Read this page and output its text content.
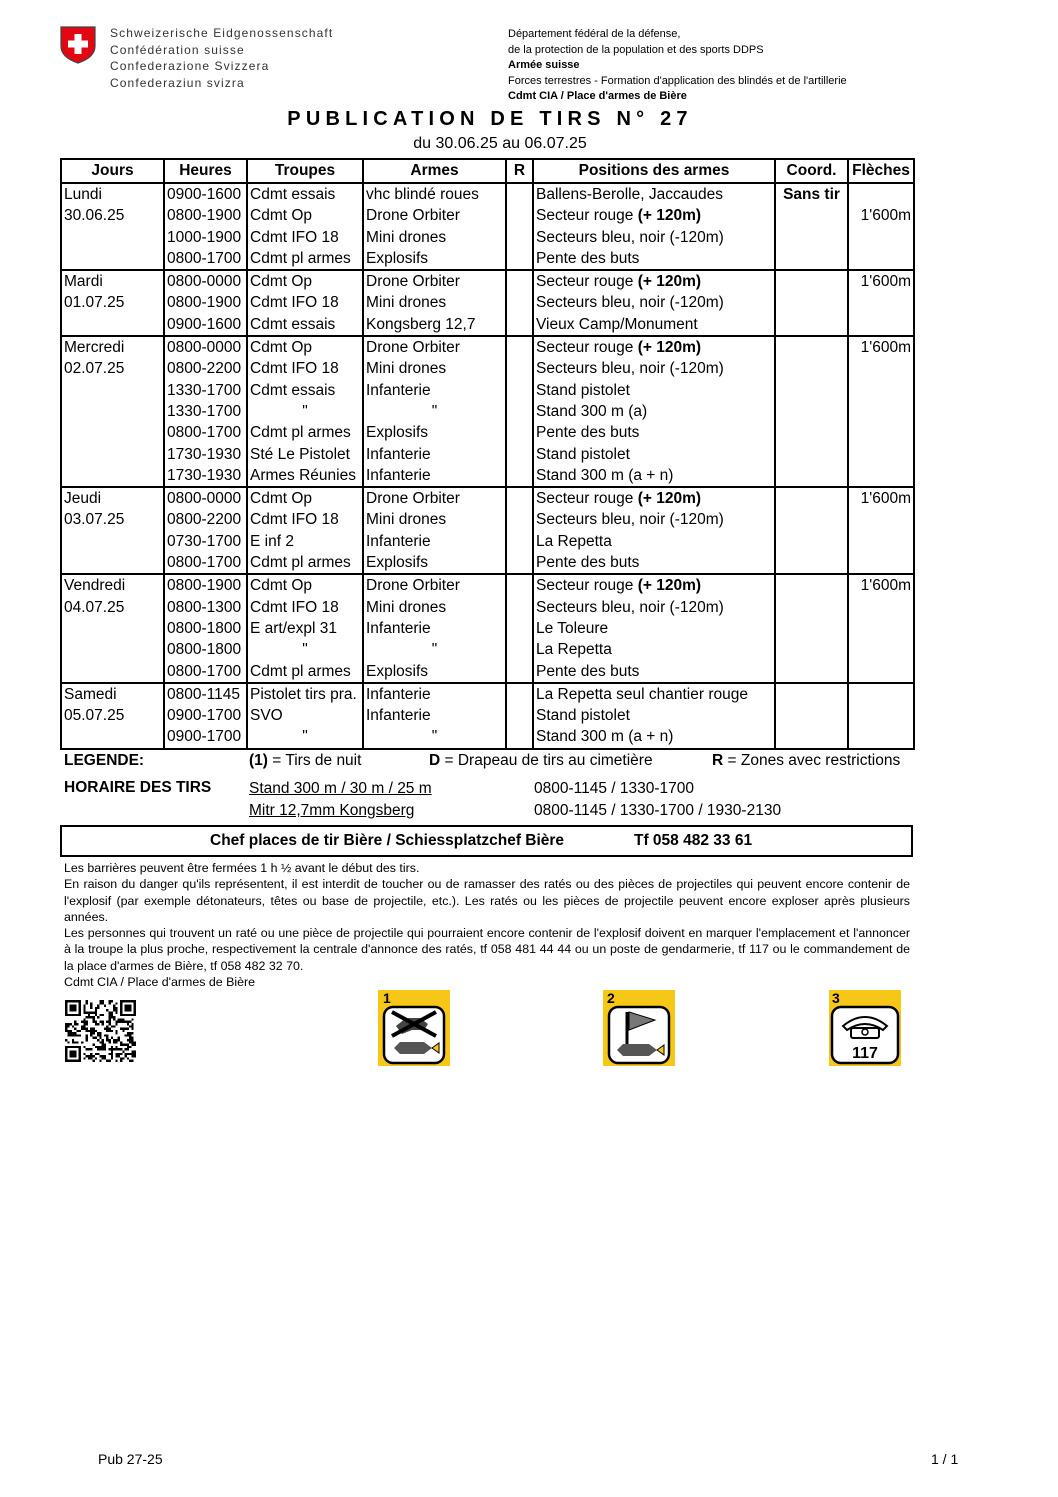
Schweizerische Eidgenossenschaft
Confédération suisse
Confederazione Svizzera
Confederaziun svizra
Département fédéral de la défense,
de la protection de la population et des sports DDPS
Armée suisse
Forces terrestres - Formation d'application des blindés et de l'artillerie
Cdmt CIA / Place d'armes de Bière
PUBLICATION DE TIRS N° 27
du 30.06.25 au 06.07.25
Jours	Heures	Troupes	Armes	R	Positions des armes	Coord.	Flèches
Lundi	0900-1600	Cdmt essais	vhc blindé roues		Ballens-Berolle, Jaccaudes	Sans tir	
30.06.25	0800-1900	Cdmt Op	Drone Orbiter		Secteur rouge (+ 120m)		1'600m
	1000-1900	Cdmt IFO 18	Mini drones		Secteurs bleu, noir (-120m)		
	0800-1700	Cdmt pl armes	Explosifs		Pente des buts		
Mardi	0800-0000	Cdmt Op	Drone Orbiter		Secteur rouge (+ 120m)		1'600m
01.07.25	0800-1900	Cdmt IFO 18	Mini drones		Secteurs bleu, noir (-120m)		
	0900-1600	Cdmt essais	Kongsberg 12,7		Vieux Camp/Monument		
Mercredi	0800-0000	Cdmt Op	Drone Orbiter		Secteur rouge (+ 120m)		1'600m
02.07.25	0800-2200	Cdmt IFO 18	Mini drones		Secteurs bleu, noir (-120m)		
	1330-1700	Cdmt essais	Infanterie		Stand pistolet		
	1330-1700	"	"		Stand 300 m (a)		
	0800-1700	Cdmt pl armes	Explosifs		Pente des buts		
	1730-1930	Sté Le Pistolet	Infanterie		Stand pistolet		
	1730-1930	Armes Réunies	Infanterie		Stand 300 m (a + n)		
Jeudi	0800-0000	Cdmt Op	Drone Orbiter		Secteur rouge (+ 120m)		1'600m
03.07.25	0800-2200	Cdmt IFO 18	Mini drones		Secteurs bleu, noir (-120m)		
	0730-1700	E inf 2	Infanterie		La Repetta		
	0800-1700	Cdmt pl armes	Explosifs		Pente des buts		
Vendredi	0800-1900	Cdmt Op	Drone Orbiter		Secteur rouge (+ 120m)		1'600m
04.07.25	0800-1300	Cdmt IFO 18	Mini drones		Secteurs bleu, noir (-120m)		
	0800-1800	E art/expl 31	Infanterie		Le Toleure		
	0800-1800	"	"		La Repetta		
	0800-1700	Cdmt pl armes	Explosifs		Pente des buts		
Samedi	0800-1145	Pistolet tirs pra.	Infanterie		La Repetta seul chantier rouge		
05.07.25	0900-1700	SVO	Infanterie		Stand pistolet		
	0900-1700	"	"		Stand 300 m (a + n)		
LEGENDE:	(1) = Tirs de nuit	D = Drapeau de tirs au cimetière	R = Zones avec restrictions
HORAIRE DES TIRS Stand 300 m / 30 m / 25 m	0800-1145 / 1330-1700
Mitr 12,7mm Kongsberg	0800-1145 / 1330-1700 / 1930-2130
Chef places de tir Bière / Schiessplatzchef Bière	Tf 058 482 33 61

Les barrières peuvent être fermées 1 h ½ avant le début des tirs.

En raison du danger qu'ils représentent, il est interdit de toucher ou de ramasser des ratés ou des pièces de projectiles qui peuvent encore contenir de l'explosif (par exemple détonateurs, têtes ou base de projectile, etc.). Les ratés ou les pièces de projectile peuvent encore exploser après plusieurs années.

Les personnes qui trouvent un raté ou une pièce de projectile qui pourraient encore contenir de l'explosif doivent en marquer l'emplacement et l'annoncer à la troupe la plus proche, respectivement la centrale d'annonce des ratés, tf 058 481 44 44 ou un poste de gendarmerie, tf 117 ou le commandement de la place d'armes de Bière, tf 058 482 32 70.

Cdmt CIA / Place d'armes de Bière

1	2	3
117
Pub 27-25	1 / 1
